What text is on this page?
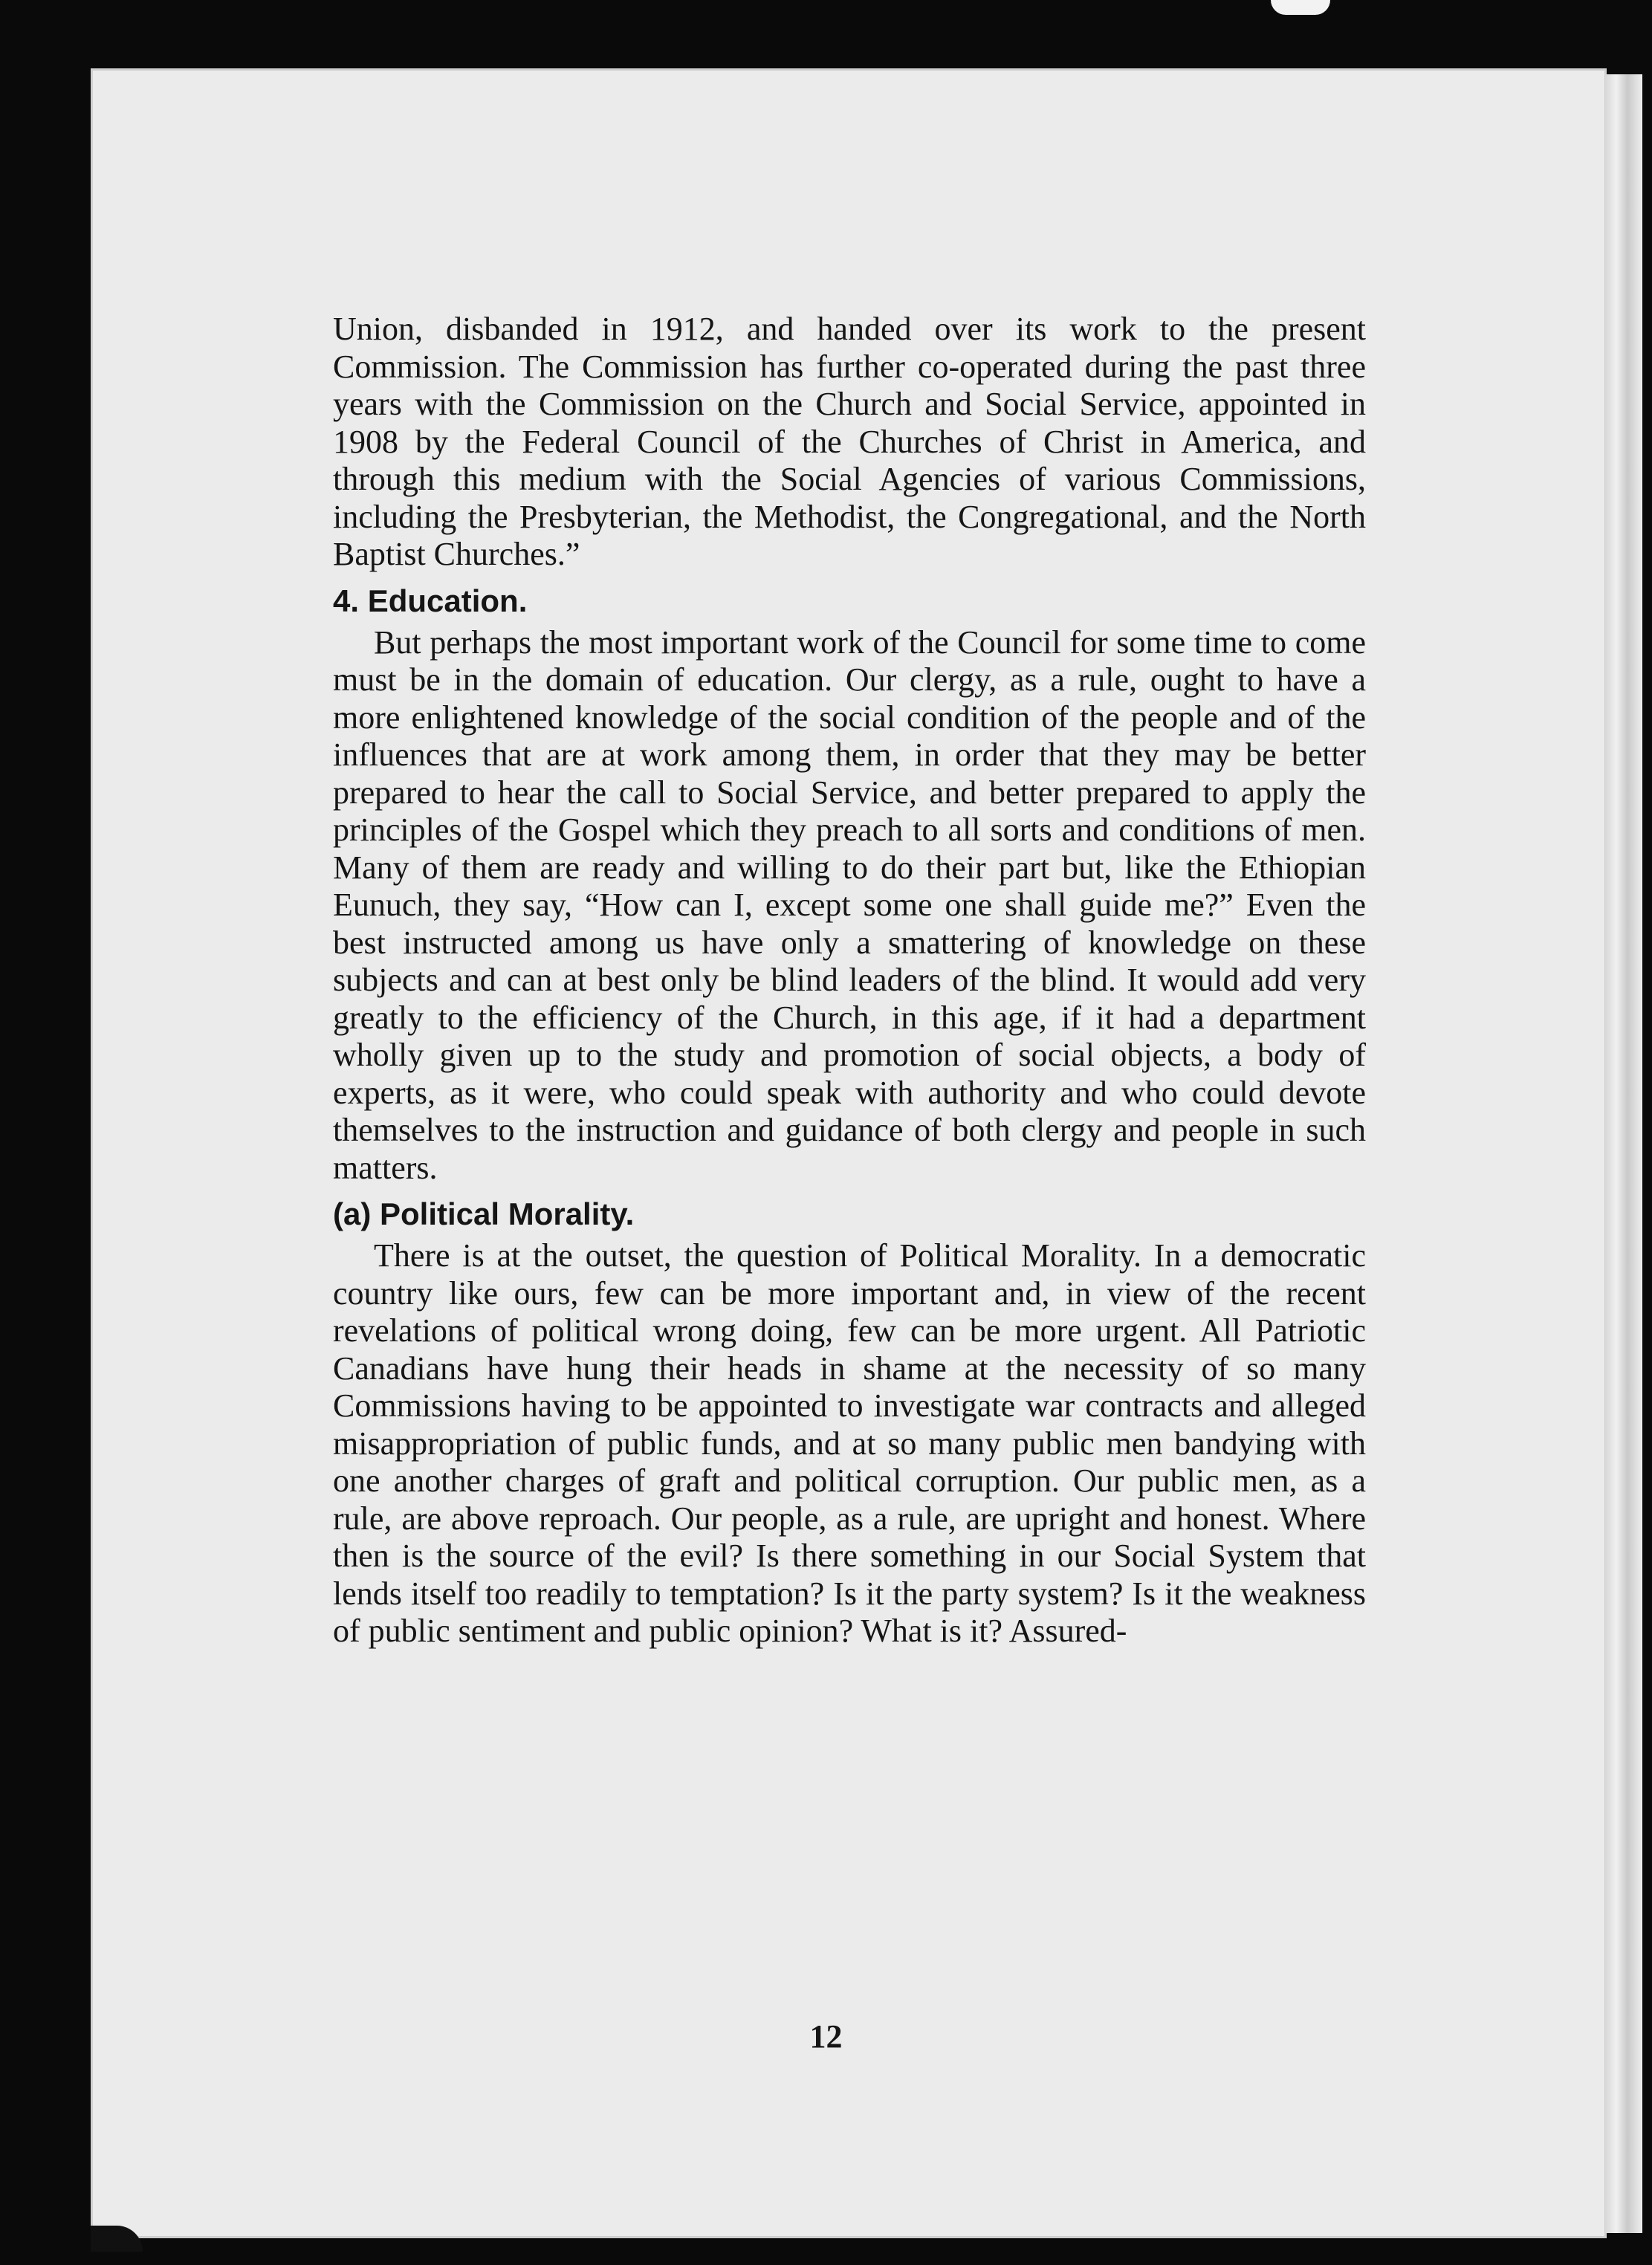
Union, disbanded in 1912, and handed over its work to the present Commission. The Commission has further co-operated during the past three years with the Commission on the Church and Social Service, appointed in 1908 by the Federal Council of the Churches of Christ in America, and through this medium with the Social Agencies of various Commissions, including the Presbyterian, the Methodist, the Congregational, and the North Baptist Churches.”

4. Education.

But perhaps the most important work of the Council for some time to come must be in the domain of education. Our clergy, as a rule, ought to have a more enlightened knowledge of the social condition of the people and of the influences that are at work among them, in order that they may be better prepared to hear the call to Social Service, and better prepared to apply the principles of the Gospel which they preach to all sorts and conditions of men. Many of them are ready and willing to do their part but, like the Ethiopian Eunuch, they say, “How can I, except some one shall guide me?” Even the best instructed among us have only a smattering of knowledge on these subjects and can at best only be blind leaders of the blind. It would add very greatly to the efficiency of the Church, in this age, if it had a department wholly given up to the study and promotion of social objects, a body of experts, as it were, who could speak with authority and who could devote themselves to the instruction and guidance of both clergy and people in such matters.

(a) Political Morality.

There is at the outset, the question of Political Morality. In a democratic country like ours, few can be more important and, in view of the recent revelations of political wrong doing, few can be more urgent. All Patriotic Canadians have hung their heads in shame at the necessity of so many Commissions having to be appointed to investigate war contracts and alleged misappropriation of public funds, and at so many public men bandying with one another charges of graft and political corruption. Our public men, as a rule, are above reproach. Our people, as a rule, are upright and honest. Where then is the source of the evil? Is there something in our Social System that lends itself too readily to temptation? Is it the party system? Is it the weakness of public sentiment and public opinion? What is it? Assured-

12
